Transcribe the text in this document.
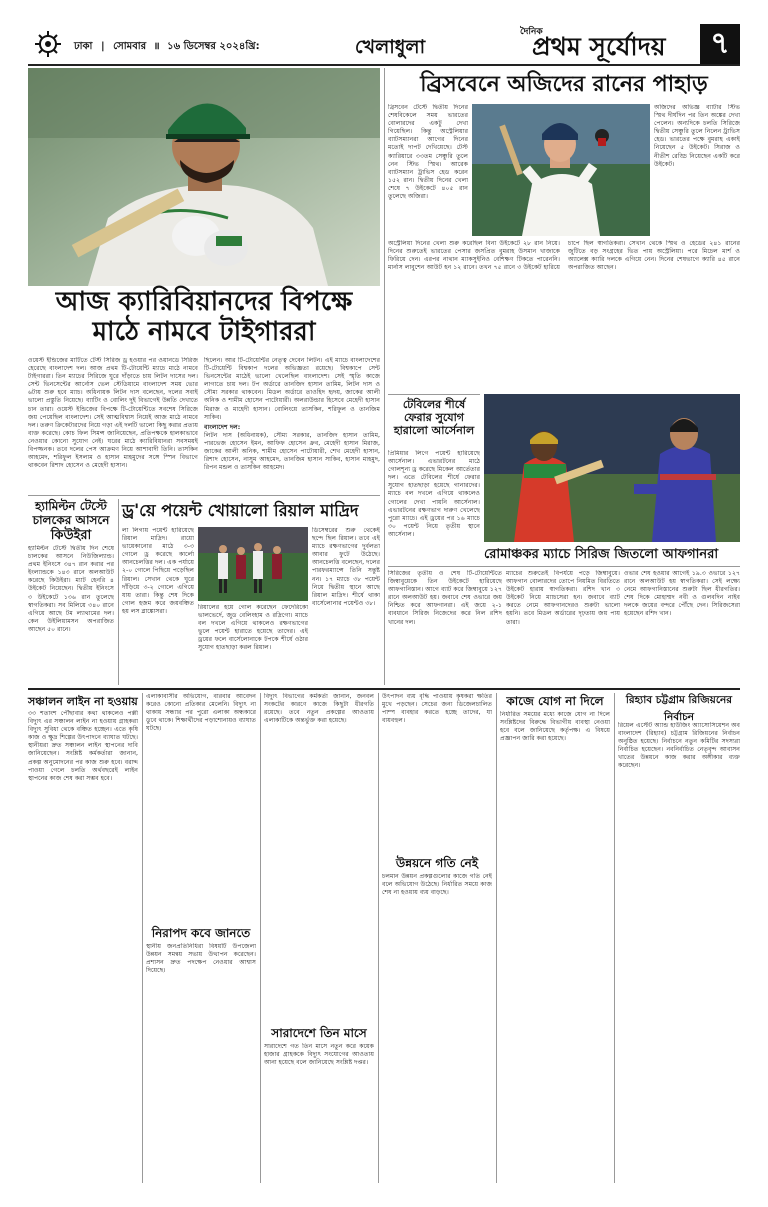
ঢাকা | সোমবার ॥ ১৬ ডিসেম্বর ২০২৪খ্রি:	খেলাধুলা
দৈনিক
প্রথম সূর্যোদয়	৭
আজ ক্যারিবিয়ানদের বিপক্ষে
মাঠে নামবে টাইগাররা
ওয়েস্ট ইন্ডিজের মাটিতে টেস্ট সিরিজ ড্র হওয়ার পর ওয়ানডে সিরিজ হেরেছে বাংলাদেশ দল। আজ প্রথম টি-টোয়েন্টি ম্যাচে মাঠে নামবে টাইগাররা। তিন ম্যাচের সিরিজে ঘুরে দাঁড়াতে চায় লিটন দাসের দল। সেন্ট ভিনসেন্টের আর্নোস ভেল স্টেডিয়ামে বাংলাদেশ সময় ভোর ৬টায় শুরু হবে ম্যাচ। অধিনায়ক লিটন দাস বলেছেন, দলের সবাই ভালো প্রস্তুতি নিয়েছে। ব্যাটিং ও বোলিং দুই বিভাগেই উন্নতি দেখাতে চান তারা। ওয়েস্ট ইন্ডিজের বিপক্ষে টি-টোয়েন্টিতে সবশেষ সিরিজে জয় পেয়েছিল বাংলাদেশ। সেই আত্মবিশ্বাস নিয়েই আজ মাঠে নামবে দল। তরুণ ক্রিকেটারদের নিয়ে গড়া এই দলটি ভালো কিছু করার প্রত্যয় ব্যক্ত করেছে। কোচ ফিল সিমন্স জানিয়েছেন, প্রতিপক্ষকে হালকাভাবে নেওয়ার কোনো সুযোগ নেই। ঘরের মাঠে ক্যারিবিয়ানরা সবসময়ই বিপজ্জনক। তবে দলের পেস আক্রমণ নিয়ে আশাবাদী তিনি। তাসকিন আহমেদ, শরিফুল ইসলাম ও হাসান মাহমুদের সঙ্গে স্পিন বিভাগে থাকবেন রিশাদ হোসেন ও মেহেদী হাসান।
ছিলেন। আর টি-টোয়েন্টির নেতৃত্ব দেবেন লিটন। এই ম্যাচে বাংলাদেশের টি-টোয়েন্টি বিশ্বকাপ দলের অভিজ্ঞতা রয়েছে। বিশ্বকাপে সেন্ট ভিনসেন্টের মাঠেই ভালো খেলেছিল বাংলাদেশ। সেই স্মৃতি কাজে লাগাতে চায় দল। টপ অর্ডারে তানজিদ হাসান তামিম, লিটন দাস ও সৌম্য সরকার থাকবেন। মিডল অর্ডারে তাওহিদ হৃদয়, জাকের আলী অনিক ও শামীম হোসেন পাটোয়ারী। অলরাউন্ডার হিসেবে মেহেদী হাসান মিরাজ ও মাহেদী হাসান। বোলিংয়ে তাসকিন, শরিফুল ও তানজিম সাকিব।
বাংলাদেশ দল:
লিটন দাস (অধিনায়ক), সৌম্য সরকার, তানজিদ হাসান তামিম, পারভেজ হোসেন ইমন, আফিফ হোসেন ধ্রুব, মেহেদী হাসান মিরাজ, জাকের আলী অনিক, শামীম হোসেন পাটোয়ারী, শেখ মেহেদী হাসান, রিশাদ হোসেন, নাসুম আহমেদ, তানজিম হাসান সাকিব, হাসান মাহমুদ, রিপন মন্ডল ও তাসকিন আহমেদ।
হ্যামিল্টন টেস্টে
চালকের আসনে
কিউইরা
হ্যামিল্টন টেস্টে দ্বিতীয় দিন শেষে চালকের আসনে নিউজিল্যান্ড। প্রথম ইনিংসে ৩৪৭ রান করার পর ইংল্যান্ডকে ১৪৩ রানে অলআউট করেছে কিউইরা। ম্যাট হেনরি ৪ উইকেট নিয়েছেন। দ্বিতীয় ইনিংসে ৩ উইকেটে ১৩৬ রান তুলেছে স্বাগতিকরা। সব মিলিয়ে ৩৪০ রানে এগিয়ে আছে টম ল্যাথামের দল। কেন উইলিয়ামসন অপরাজিত আছেন ৫০ রানে।
ড্র'য়ে পয়েন্ট খোয়ালো রিয়াল মাদ্রিদ
লা লিগায় পয়েন্ট হারিয়েছে রিয়াল মাদ্রিদ। রায়ো ভায়েকানোর মাঠে ৩-৩ গোলে ড্র করেছে কার্লো আনচেলত্তির দল। এক পর্যায়ে ২-০ গোলে পিছিয়ে পড়েছিল রিয়াল। সেখান থেকে ঘুরে দাঁড়িয়ে ৩-২ গোলে এগিয়ে যায় তারা। কিন্তু শেষ দিকে গোল হজম করে জয়বঞ্চিত হয় লস ব্লাঙ্কোসরা।
রিয়ালের হয়ে গোল করেছেন ফেদেরিকো ভালভের্দে, জুড বেলিংহাম ও রদ্রিগো। ম্যাচে বল দখলে এগিয়ে থাকলেও রক্ষণভাগের ভুলে পয়েন্ট হারাতে হয়েছে তাদের। এই ড্রয়ের ফলে বার্সেলোনাকে টপকে শীর্ষে ওঠার সুযোগ হাতছাড়া করল রিয়াল।
ডিসেম্বরের শুরু থেকেই ছন্দে ছিল রিয়াল। তবে এই ম্যাচে রক্ষণভাগের দুর্বলতা আবার ফুটে উঠেছে। আনচেলত্তি বলেছেন, দলের পারফরম্যান্সে তিনি সন্তুষ্ট নন। ১৭ ম্যাচে ৩৮ পয়েন্ট নিয়ে দ্বিতীয় স্থানে আছে রিয়াল মাদ্রিদ। শীর্ষে থাকা বার্সেলোনার পয়েন্টও ৩৮।
ব্রিসবেনে অজিদের রানের পাহাড়
ব্রিসবেন টেস্টে দ্বিতীয় দিনের শেষবিকেলে সময় ভারতের বোলারদের একটু দেখা গিয়েছিল। কিন্তু অস্ট্রেলিয়ার ব্যাটসম্যানরা আগের দিনের মতোই দাপট দেখিয়েছে। টেস্ট ক্যারিয়ারে ৩৩তম সেঞ্চুরি তুলে নেন স্টিভ স্মিথ। আরেক ব্যাটসম্যান ট্রাভিস হেড করেন ১৫২ রান। দ্বিতীয় দিনের খেলা শেষে ৭ উইকেটে ৪০৫ রান তুলেছে অজিরা।
অজিদের অভিজ্ঞ ব্যাটার স্টিভ স্মিথ দীর্ঘদিন পর তিন অঙ্কের দেখা পেলেন। অন্যদিকে চলতি সিরিজে দ্বিতীয় সেঞ্চুরি তুলে নিলেন ট্রাভিস হেড। ভারতের পক্ষে বুমরাহ একাই নিয়েছেন ৫ উইকেট। সিরাজ ও নীতীশ রেড্ডি নিয়েছেন একটি করে উইকেট।
অস্ট্রেলিয়া দিনের খেলা শুরু করেছিল বিনা উইকেটে ২৮ রান নিয়ে। দিনের শুরুতেই ভারতের পেসার জসপ্রিত বুমরাহ উসমান খাজাকে ফিরিয়ে দেন। এরপর নাথান ম্যাকসুইনিও বেশিক্ষণ টিকতে পারেননি। মার্নাস লাবুশেন আউট হন ১২ রানে। তখন ৭৫ রানে ৩ উইকেট হারিয়ে চাপে ছিল স্বাগতিকরা। সেখান থেকে স্মিথ ও হেডের ২৪১ রানের জুটিতে বড় সংগ্রহের ভিত পায় অস্ট্রেলিয়া। পরে মিচেল মার্শ ও অ্যালেক্স ক্যারি দলকে এগিয়ে নেন। দিনের শেষভাগে ক্যারি ৪৫ রানে অপরাজিত আছেন।
টেবিলের শীর্ষে ফেরার সুযোগ হারালো আর্সেনাল
প্রিমিয়ার লিগে পয়েন্ট হারিয়েছে আর্সেনাল। এভারটনের মাঠে গোলশূন্য ড্র করেছে মিকেল আর্তেতার দল। এতে টেবিলের শীর্ষে ফেরার সুযোগ হাতছাড়া হয়েছে গানারদের। ম্যাচে বল দখলে এগিয়ে থাকলেও গোলের দেখা পায়নি আর্সেনাল। এভারটনের রক্ষণভাগ দারুণ খেলেছে পুরো ম্যাচে। এই ড্রয়ের পর ১৬ ম্যাচে ৩০ পয়েন্ট নিয়ে তৃতীয় স্থানে আর্সেনাল।
রোমাঞ্চকর ম্যাচে সিরিজ জিতলো আফগানরা
সিরিজের তৃতীয় ও শেষ টি-টোয়েন্টিতে জিম্বাবুয়েকে তিন উইকেটে হারিয়েছে আফগানিস্তান। আগে ব্যাট করে জিম্বাবুয়ে ১২৭ রানে অলআউট হয়। জবাবে শেষ ওভারে জয় নিশ্চিত করে আফগানরা। এই জয়ে ২-১ ব্যবধানে সিরিজ নিজেদের করে নিল রশিদ খানের দল।
ম্যাচের শুরুতেই বিপর্যয়ে পড়ে জিম্বাবুয়ে। আফগান বোলারদের তোপে নিয়মিত বিরতিতে উইকেট হারায় স্বাগতিকরা। রশিদ খান ৩ উইকেট নিয়ে ম্যাচসেরা হন। জবাবে ব্যাট করতে নেমে আফগানদেরও শুরুটা ভালো হয়নি। তবে মিডল অর্ডারের দৃঢ়তায় জয় পায় তারা।
ওভার শেষ হওয়ার আগেই ১৯.৩ ওভারে ১২৭ রানে অলআউট হয় স্বাগতিকরা। সেই লক্ষ্যে নেমে আফগানিস্তানের শুরুটা ছিল ধীরগতির। শেষ দিকে মোহাম্মদ নবী ও গুলবদিন নাইব দলকে জয়ের বন্দরে পৌঁছে দেন। সিরিজসেরা হয়েছেন রশিদ খান।
সঞ্চালন লাইন না হওয়ায়
৩৩ শতাংশ পৌঁছাবার কথা থাকলেও পল্লী বিদ্যুৎ এর সঞ্চালন লাইন না হওয়ায় গ্রাহকরা বিদ্যুৎ সুবিধা থেকে বঞ্চিত হচ্ছেন। এতে কৃষি কাজ ও ক্ষুদ্র শিল্পের উৎপাদনে ব্যাঘাত ঘটছে। স্থানীয়রা দ্রুত সঞ্চালন লাইন স্থাপনের দাবি জানিয়েছেন। সংশ্লিষ্ট কর্মকর্তারা জানান, প্রকল্প অনুমোদনের পর কাজ শুরু হবে। বরাদ্দ পাওয়া গেলে চলতি অর্থবছরেই লাইন স্থাপনের কাজ শেষ করা সম্ভব হবে।
এলাকাবাসীর অভিযোগ, বারবার আবেদন করেও কোনো প্রতিকার মেলেনি। বিদ্যুৎ না থাকায় সন্ধ্যার পর পুরো এলাকা অন্ধকারে ডুবে থাকে। শিক্ষার্থীদের পড়াশোনায়ও ব্যাঘাত ঘটছে।
নিরাপদ কবে জানতে
স্থানীয় জনপ্রতিনিধিরা বিষয়টি উপজেলা উন্নয়ন সমন্বয় সভায় উত্থাপন করেছেন। প্রশাসন দ্রুত পদক্ষেপ নেওয়ার আশ্বাস দিয়েছে।
বিদ্যুৎ বিভাগের কর্মকর্তা জানান, জনবল সংকটের কারণে কাজে কিছুটা ধীরগতি রয়েছে। তবে নতুন প্রকল্পের আওতায় এলাকাটিকে অন্তর্ভুক্ত করা হয়েছে।
সারাদেশে তিন মাসে
সারাদেশে গত তিন মাসে নতুন করে কয়েক হাজার গ্রাহককে বিদ্যুৎ সংযোগের আওতায় আনা হয়েছে বলে জানিয়েছে সংশ্লিষ্ট দপ্তর।
উৎপাদন ব্যয় বৃদ্ধি পাওয়ায় কৃষকরা ক্ষতির মুখে পড়ছেন। সেচের জন্য ডিজেলচালিত পাম্প ব্যবহার করতে হচ্ছে তাদের, যা ব্যয়বহুল।
উন্নয়নে গতি নেই
চলমান উন্নয়ন প্রকল্পগুলোর কাজে গতি নেই বলে অভিযোগ উঠেছে। নির্ধারিত সময়ে কাজ শেষ না হওয়ায় ব্যয় বাড়ছে।
কাজে যোগ না দিলে
নির্ধারিত সময়ের মধ্যে কাজে যোগ না দিলে সংশ্লিষ্টদের বিরুদ্ধে বিভাগীয় ব্যবস্থা নেওয়া হবে বলে জানিয়েছে কর্তৃপক্ষ। এ বিষয়ে প্রজ্ঞাপন জারি করা হয়েছে।
রিহ্যাব চট্টগ্রাম রিজিয়নের
নির্বাচন
রিয়েল এস্টেট অ্যান্ড হাউজিং অ্যাসোসিয়েশন অব বাংলাদেশ (রিহ্যাব) চট্টগ্রাম রিজিয়নের নির্বাচন অনুষ্ঠিত হয়েছে। নির্বাচনে নতুন কমিটির সদস্যরা নির্বাচিত হয়েছেন। নবনির্বাচিত নেতৃবৃন্দ আবাসন খাতের উন্নয়নে কাজ করার অঙ্গীকার ব্যক্ত করেছেন।
